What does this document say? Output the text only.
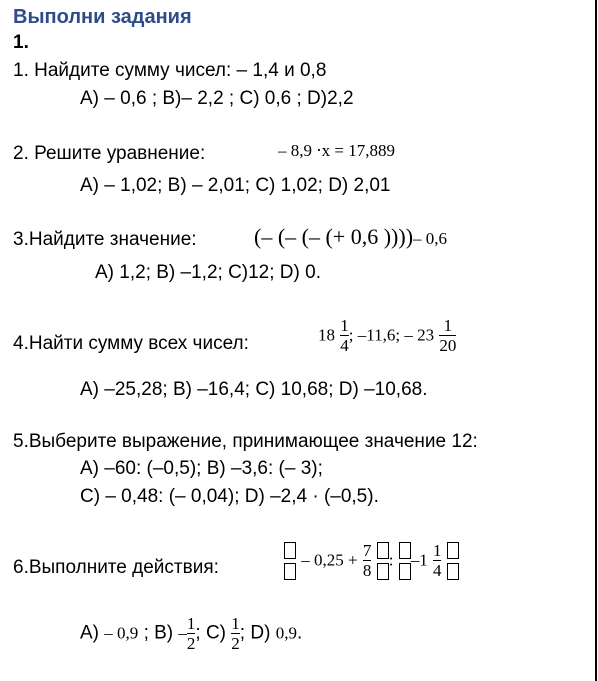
Выполни задания
1.
1. Найдите сумму чисел: – 1,4 и 0,8
А) – 0,6 ; В)– 2,2 ; С) 0,6 ; D)2,2
2. Решите уравнение:	– 8,9 ⋅x = 17,889
А) – 1,02; В) – 2,01; С) 1,02; D) 2,01
3.Найдите значение:	(– (– (– (+ 0,6 ))))– 0,6
А) 1,2; В) –1,2; С)12; D) 0.
4.Найти сумму всех чисел:	$18 \frac{1}{4}$ ; –11,6; – $23 \frac{1}{20}$
А) –25,28; В) –16,4; С) 10,68; D) –10,68.
5.Выберите выражение, принимающее значение 12:
А) –60: (–0,5); В) –3,6: (– 3);
С) – 0,48: (– 0,04); D) –2,4 · (–0,5).
6.Выполните действия:	– $0,25 + \frac{7}{8}$
: $-1 \frac{1}{4}$

А) – 0,9 ; $В) - \frac{1}{2}$ ; $С) \frac{1}{2}$ ; D) 0,9.
